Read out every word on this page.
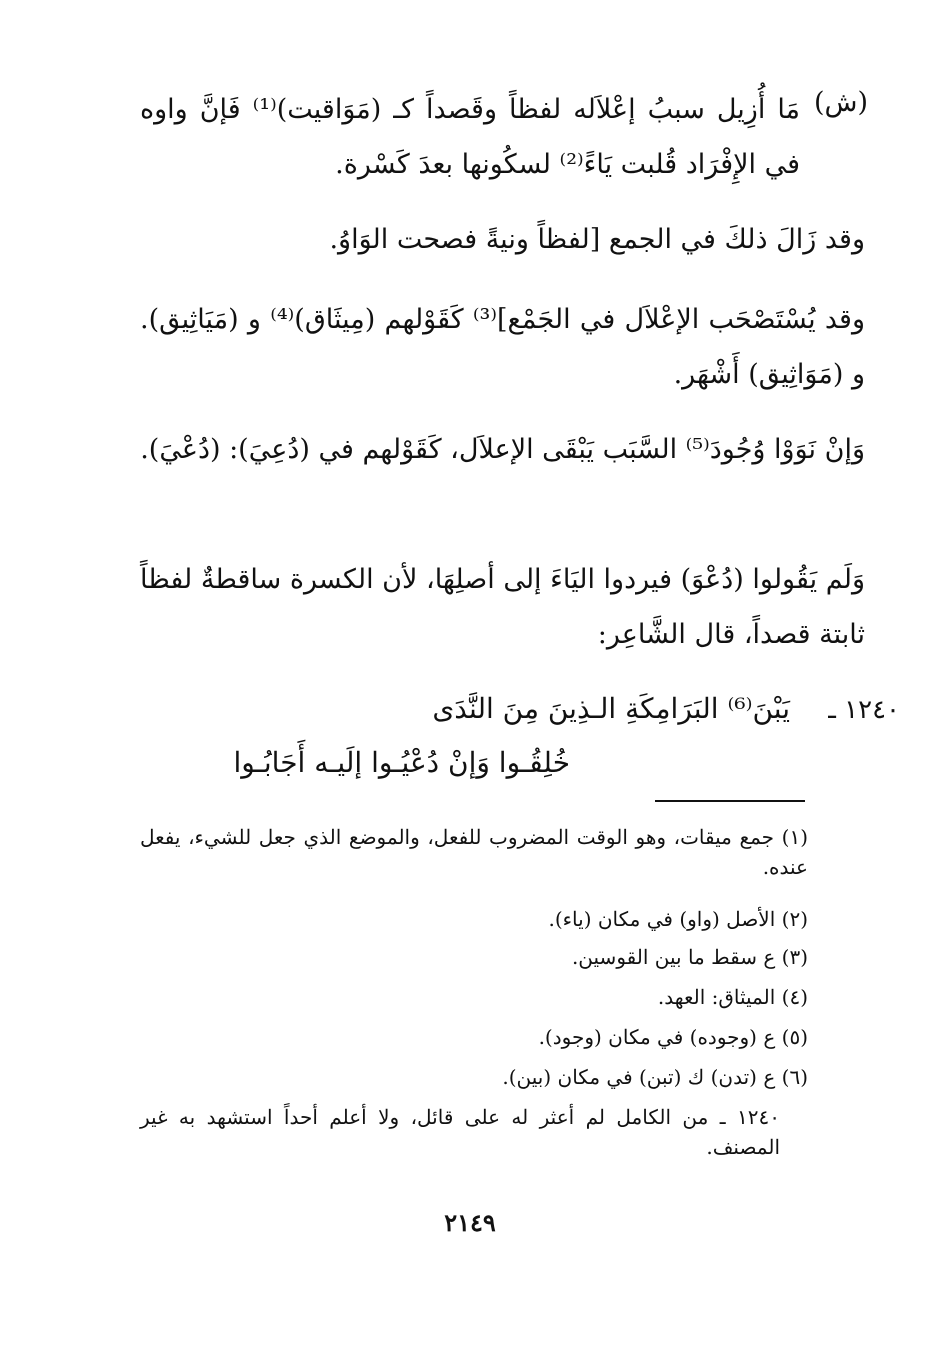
(ش)
مَا أُزِيل سببُ إعْلاَله لفظاً وقَصداً كـ (مَوَاقيت)⁽¹⁾ فَإنَّ واوه في الإِفْرَاد قُلبت يَاءً⁽²⁾ لسكُونها بعدَ كَسْرة.
وقد زَالَ ذلكَ في الجمع [لفظاً ونيةً فصحت الوَاوُ.
وقد يُسْتَصْحَب الإعْلاَل في الجَمْع]⁽³⁾ كَقَوْلهم (مِيثَاق)⁽⁴⁾ و (مَيَاثِيق). و (مَوَاثِيق) أَشْهَر.
وَإنْ نَوَوْا وُجُودَ⁽⁵⁾ السَّبَب يَبْقَى الإعلاَل، كَقَوْلهم في (دُعِيَ): (دُعْيَ).
وَلَم يَقُولوا (دُعْوَ) فيردوا اليَاءَ إلى أصلِهَا، لأن الكسرة ساقطةٌ لفظاً ثابتة قصداً، قال الشَّاعِر:
١٢٤٠ ـ
يَبْنَ⁽⁶⁾ البَرَامِكَةِ الـذِينَ مِنَ النَّدَى
خُلِقُـوا وَإنْ دُعْيُـوا إلَيـه أَجَابُـوا
(١) جمع ميقات، وهو الوقت المضروب للفعل، والموضع الذي جعل للشيء، يفعل عنده.
(٢) الأصل (واو) في مكان (ياء).
(٣) ع سقط ما بين القوسين.
(٤) الميثاق: العهد.
(٥) ع (وجوده) في مكان (وجود).
(٦) ع (تدن) ك (تبن) في مكان (بين).
١٢٤٠ ـ من الكامل لم أعثر له على قائل، ولا أعلم أحداً استشهد به غير المصنف.
٢١٤٩
